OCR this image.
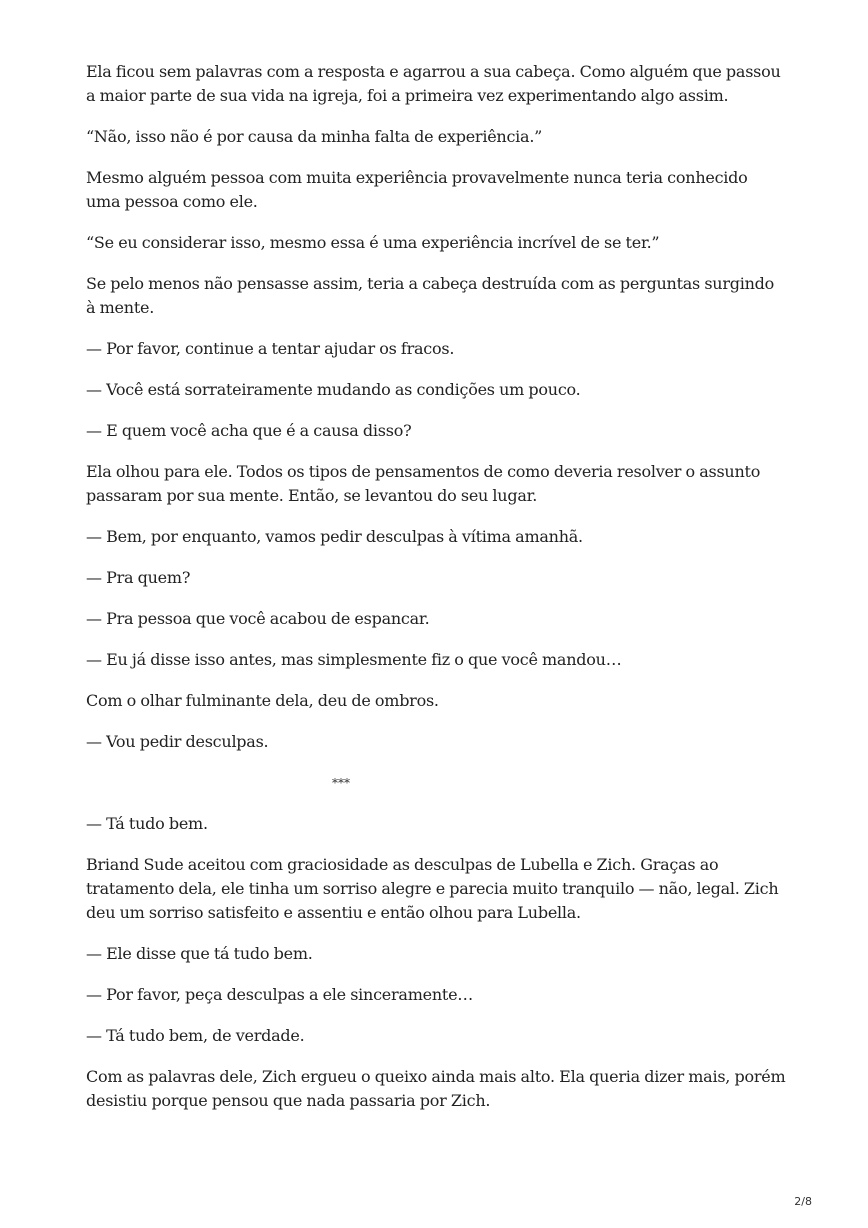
Ela ficou sem palavras com a resposta e agarrou a sua cabeça. Como alguém que passou a maior parte de sua vida na igreja, foi a primeira vez experimentando algo assim.

“Não, isso não é por causa da minha falta de experiência.”

Mesmo alguém pessoa com muita experiência provavelmente nunca teria conhecido uma pessoa como ele.

“Se eu considerar isso, mesmo essa é uma experiência incrível de se ter.”

Se pelo menos não pensasse assim, teria a cabeça destruída com as perguntas surgindo à mente.

— Por favor, continue a tentar ajudar os fracos.

— Você está sorrateiramente mudando as condições um pouco.

— E quem você acha que é a causa disso?

Ela olhou para ele. Todos os tipos de pensamentos de como deveria resolver o assunto passaram por sua mente. Então, se levantou do seu lugar.

— Bem, por enquanto, vamos pedir desculpas à vítima amanhã.

— Pra quem?

— Pra pessoa que você acabou de espancar.

— Eu já disse isso antes, mas simplesmente fiz o que você mandou…

Com o olhar fulminante dela, deu de ombros.

— Vou pedir desculpas.

***

— Tá tudo bem.

Briand Sude aceitou com graciosidade as desculpas de Lubella e Zich. Graças ao tratamento dela, ele tinha um sorriso alegre e parecia muito tranquilo — não, legal. Zich deu um sorriso satisfeito e assentiu e então olhou para Lubella.

— Ele disse que tá tudo bem.

— Por favor, peça desculpas a ele sinceramente…

— Tá tudo bem, de verdade.

Com as palavras dele, Zich ergueu o queixo ainda mais alto. Ela queria dizer mais, porém desistiu porque pensou que nada passaria por Zich.

2/8
